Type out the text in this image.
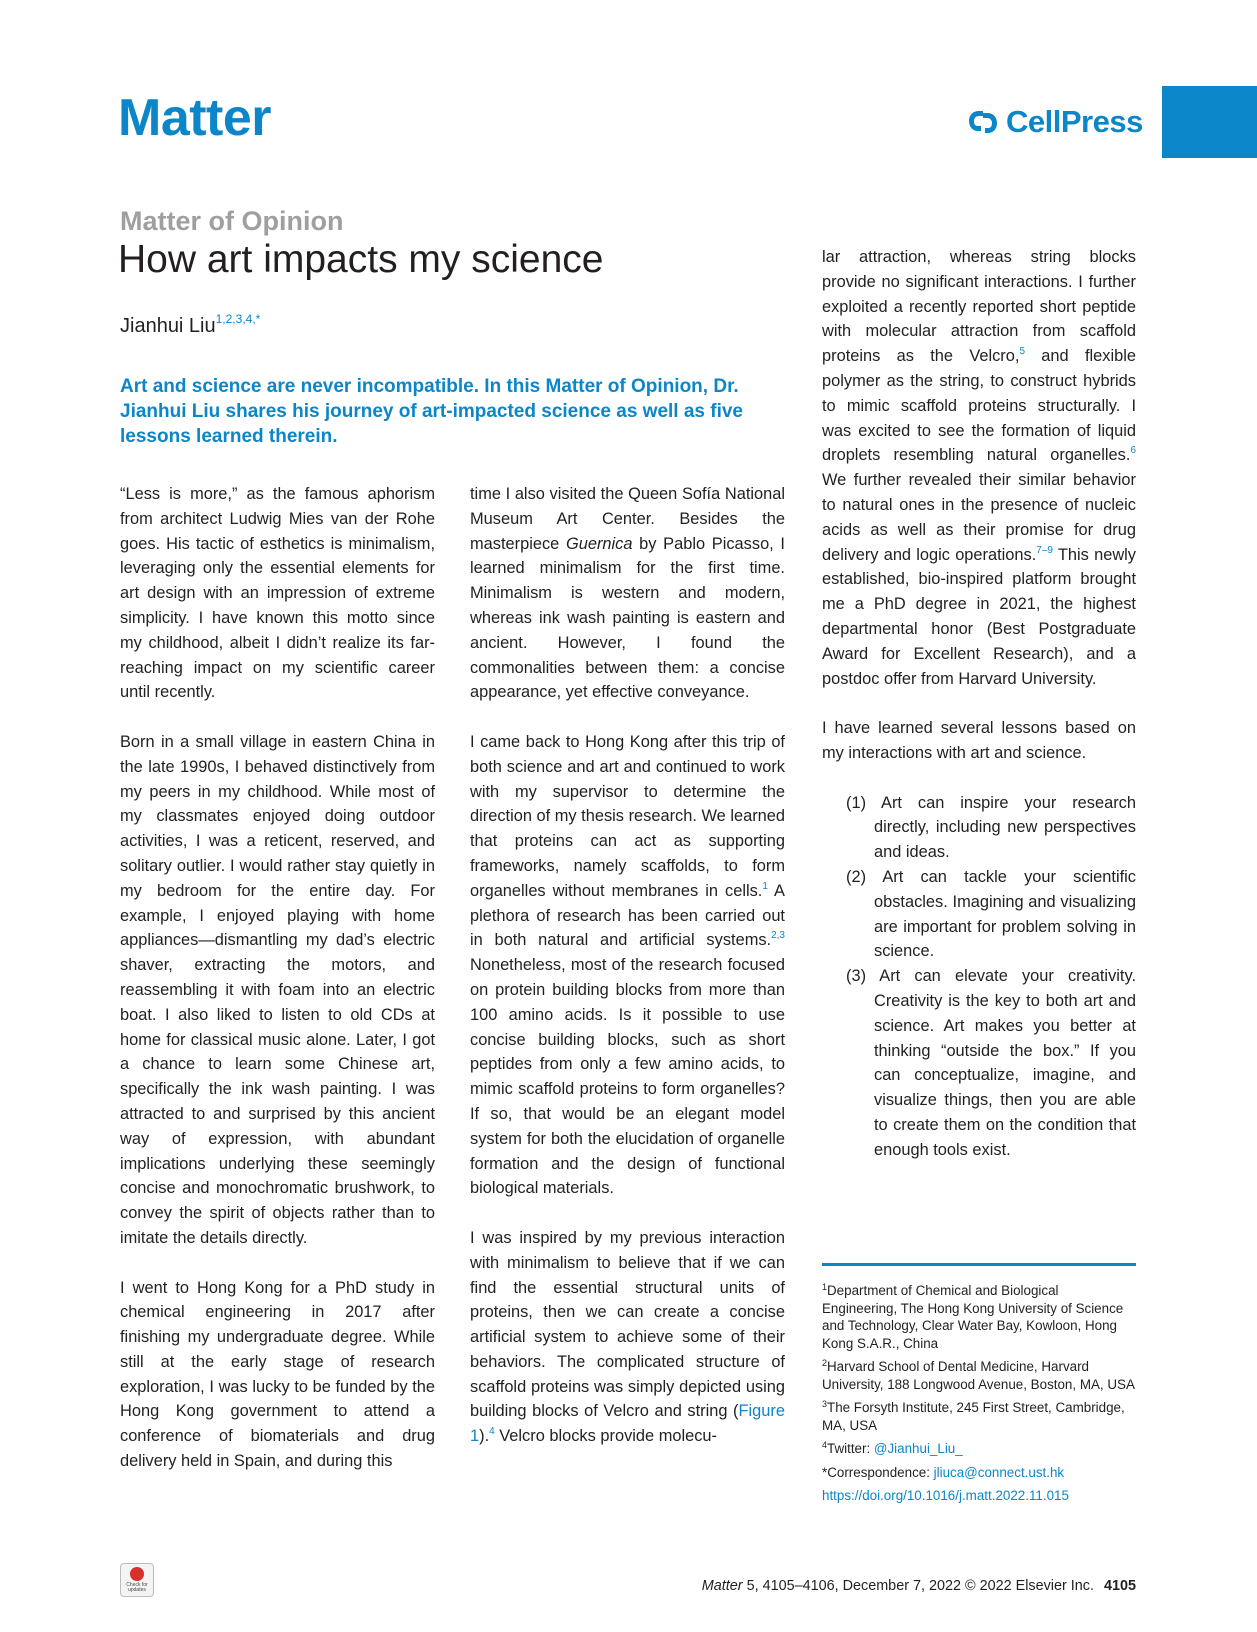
Matter	CellPress
Matter of Opinion
How art impacts my science
Jianhui Liu$^{1,2,3,4,*}$

Art and science are never incompatible. In this Matter of Opinion, Dr. Jianhui Liu shares his journey of art-impacted science as well as five lessons learned therein.

“Less is more,” as the famous aphorism from architect Ludwig Mies van der Rohe goes. His tactic of esthetics is minimalism, leveraging only the essential elements for art design with an impression of extreme simplicity. I have known this motto since my childhood, albeit I didn’t realize its far-reaching impact on my scientific career until recently.

Born in a small village in eastern China in the late 1990s, I behaved distinctively from my peers in my childhood. While most of my classmates enjoyed doing outdoor activities, I was a reticent, reserved, and solitary outlier. I would rather stay quietly in my bedroom for the entire day. For example, I enjoyed playing with home appliances—dismantling my dad’s electric shaver, extracting the motors, and reassembling it with foam into an electric boat. I also liked to listen to old CDs at home for classical music alone. Later, I got a chance to learn some Chinese art, specifically the ink wash painting. I was attracted to and surprised by this ancient way of expression, with abundant implications underlying these seemingly concise and monochromatic brushwork, to convey the spirit of objects rather than to imitate the details directly.

I went to Hong Kong for a PhD study in chemical engineering in 2017 after finishing my undergraduate degree. While still at the early stage of research exploration, I was lucky to be funded by the Hong Kong government to attend a conference of biomaterials and drug delivery held in Spain, and during this

time I also visited the Queen Sofía National Museum Art Center. Besides the masterpiece Guernica by Pablo Picasso, I learned minimalism for the first time. Minimalism is western and modern, whereas ink wash painting is eastern and ancient. However, I found the commonalities between them: a concise appearance, yet effective conveyance.

I came back to Hong Kong after this trip of both science and art and continued to work with my supervisor to determine the direction of my thesis research. We learned that proteins can act as supporting frameworks, namely scaffolds, to form organelles without membranes in cells.$^1$ A plethora of research has been carried out in both natural and artificial systems.$^{2,3}$ Nonetheless, most of the research focused on protein building blocks from more than 100 amino acids. Is it possible to use concise building blocks, such as short peptides from only a few amino acids, to mimic scaffold proteins to form organelles? If so, that would be an elegant model system for both the elucidation of organelle formation and the design of functional biological materials.

I was inspired by my previous interaction with minimalism to believe that if we can find the essential structural units of proteins, then we can create a concise artificial system to achieve some of their behaviors. The complicated structure of scaffold proteins was simply depicted using building blocks of Velcro and string (Figure 1).$^4$ Velcro blocks provide molecu-

lar attraction, whereas string blocks provide no significant interactions. I further exploited a recently reported short peptide with molecular attraction from scaffold proteins as the Velcro,$^5$ and flexible polymer as the string, to construct hybrids to mimic scaffold proteins structurally. I was excited to see the formation of liquid droplets resembling natural organelles.$^6$ We further revealed their similar behavior to natural ones in the presence of nucleic acids as well as their promise for drug delivery and logic operations.$^{7-9}$ This newly established, bio-inspired platform brought me a PhD degree in 2021, the highest departmental honor (Best Postgraduate Award for Excellent Research), and a postdoc offer from Harvard University.

I have learned several lessons based on my interactions with art and science.

(1) Art can inspire your research directly, including new perspectives and ideas.
(2) Art can tackle your scientific obstacles. Imagining and visualizing are important for problem solving in science.
(3) Art can elevate your creativity. Creativity is the key to both art and science. Art makes you better at thinking “outside the box.” If you can conceptualize, imagine, and visualize things, then you are able to create them on the condition that enough tools exist.

$^1$Department of Chemical and Biological Engineering, The Hong Kong University of Science and Technology, Clear Water Bay, Kowloon, Hong Kong S.A.R., China

$^2$Harvard School of Dental Medicine, Harvard University, 188 Longwood Avenue, Boston, MA, USA

$^3$The Forsyth Institute, 245 First Street, Cambridge, MA, USA

$^4$Twitter: @Jianhui_Liu_

*Correspondence: jliuca@connect.ust.hk

https://doi.org/10.1016/j.matt.2022.11.015

Check for updates	Matter 5, 4105–4106, December 7, 2022 © 2022 Elsevier Inc. 4105
